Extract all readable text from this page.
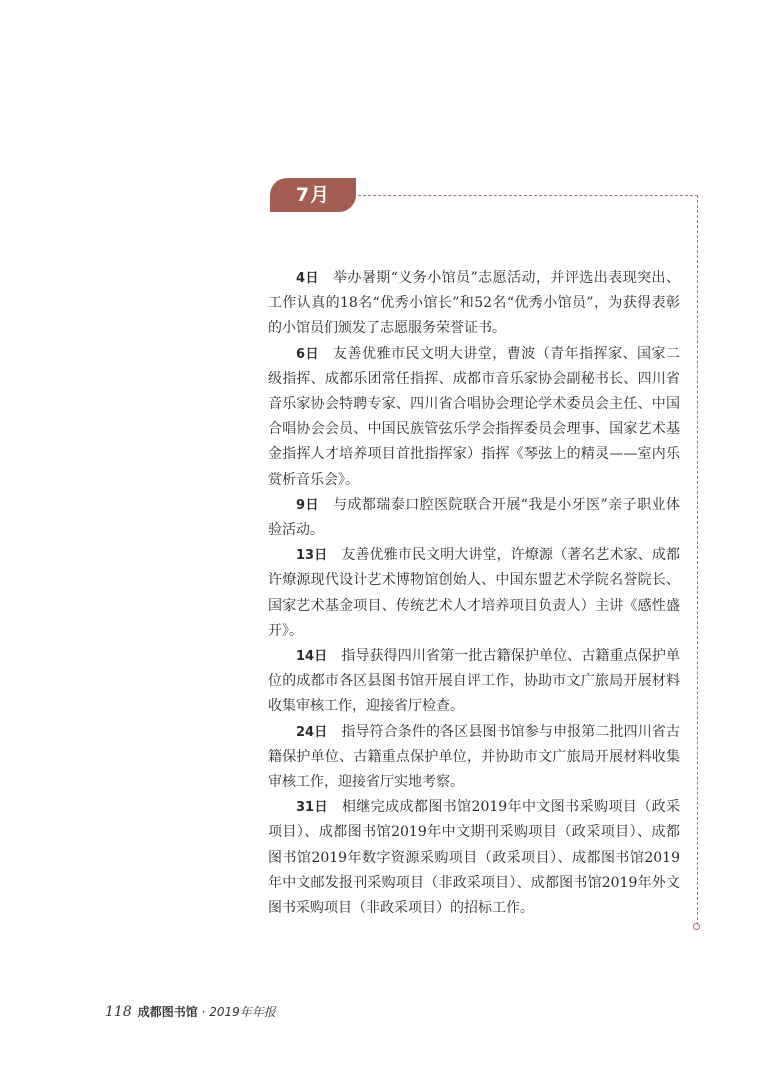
7月

4日 举办暑期“义务小馆员”志愿活动，并评选出表现突出、工作认真的18名“优秀小馆长”和52名“优秀小馆员”，为获得表彰的小馆员们颁发了志愿服务荣誉证书。

6日 友善优雅市民文明大讲堂，曹波（青年指挥家、国家二级指挥、成都乐团常任指挥、成都市音乐家协会副秘书长、四川省音乐家协会特聘专家、四川省合唱协会理论学术委员会主任、中国合唱协会会员、中国民族管弦乐学会指挥委员会理事、国家艺术基金指挥人才培养项目首批指挥家）指挥《琴弦上的精灵——室内乐赏析音乐会》。

9日 与成都瑞泰口腔医院联合开展“我是小牙医”亲子职业体验活动。

13日 友善优雅市民文明大讲堂，许燎源（著名艺术家、成都许燎源现代设计艺术博物馆创始人、中国东盟艺术学院名誉院长、国家艺术基金项目、传统艺术人才培养项目负责人）主讲《感性盛开》。

14日 指导获得四川省第一批古籍保护单位、古籍重点保护单位的成都市各区县图书馆开展自评工作，协助市文广旅局开展材料收集审核工作，迎接省厅检查。

24日 指导符合条件的各区县图书馆参与申报第二批四川省古籍保护单位、古籍重点保护单位，并协助市文广旅局开展材料收集审核工作，迎接省厅实地考察。

31日 相继完成成都图书馆2019年中文图书采购项目（政采项目）、成都图书馆2019年中文期刊采购项目（政采项目）、成都图书馆2019年数字资源采购项目（政采项目）、成都图书馆2019年中文邮发报刊采购项目（非政采项目）、成都图书馆2019年外文图书采购项目（非政采项目）的招标工作。

118 成都图书馆 · 2019年年报
